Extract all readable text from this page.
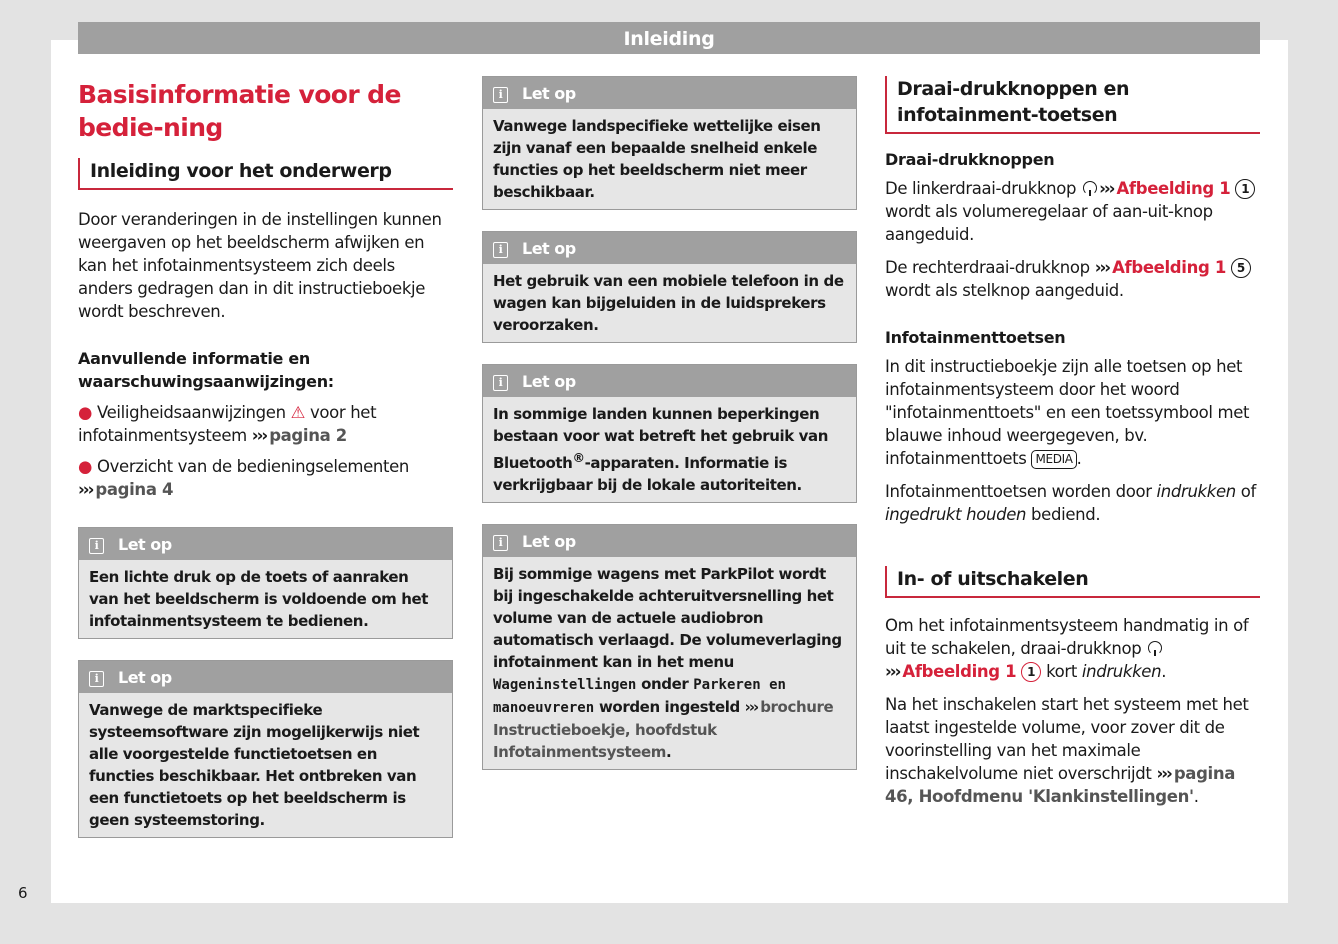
Inleiding
Basisinformatie voor de bedie-ning
Inleiding voor het onderwerp

Door veranderingen in de instellingen kunnen weergaven op het beeldscherm afwijken en kan het infotainmentsysteem zich deels anders gedragen dan in dit instructieboekje wordt beschreven.

Aanvullende informatie en waarschuwingsaanwijzingen:
● Veiligheidsaanwijzingen ⚠ voor het infotainmentsysteem ››› pagina 2
● Overzicht van de bedieningselementen ››› pagina 4
i Let op
Een lichte druk op de toets of aanraken van het beeldscherm is voldoende om het infotainmentsysteem te bedienen.
i Let op
Vanwege de marktspecifieke systeemsoftware zijn mogelijkerwijs niet alle voorgestelde functietoetsen en functies beschikbaar. Het ontbreken van een functietoets op het beeldscherm is geen systeemstoring.
i Let op
Vanwege landspecifieke wettelijke eisen zijn vanaf een bepaalde snelheid enkele functies op het beeldscherm niet meer beschikbaar.
i Let op
Het gebruik van een mobiele telefoon in de wagen kan bijgeluiden in de luidsprekers veroorzaken.
i Let op
In sommige landen kunnen beperkingen bestaan voor wat betreft het gebruik van Bluetooth®-apparaten. Informatie is verkrijgbaar bij de lokale autoriteiten.
i Let op
Bij sommige wagens met ParkPilot wordt bij ingeschakelde achteruitversnelling het volume van de actuele audiobron automatisch verlaagd. De volumeverlaging infotainment kan in het menu Wageninstellingen onder Parkeren en manoeuvreren worden ingesteld ››› brochure Instructieboekje, hoofdstuk Infotainmentsysteem.
Draai-drukknoppen en infotainment-toetsen
Draai-drukknoppen

De linkerdraai-drukknop ››› Afbeelding 1 1 wordt als volumeregelaar of aan-uit-knop aangeduid.

De rechterdraai-drukknop ››› Afbeelding 1 5 wordt als stelknop aangeduid.

Infotainmenttoetsen

In dit instructieboekje zijn alle toetsen op het infotainmentsysteem door het woord "infotainmenttoets" en een toetssymbool met blauwe inhoud weergegeven, bv. infotainmenttoets MEDIA .

Infotainmenttoetsen worden door indrukken of ingedrukt houden bediend.

In- of uitschakelen

Om het infotainmentsysteem handmatig in of uit te schakelen, draai-drukknop ››› Afbeelding 1 1 kort indrukken.

Na het inschakelen start het systeem met het laatst ingestelde volume, voor zover dit de voorinstelling van het maximale inschakelvolume niet overschrijdt ››› pagina 46, Hoofdmenu 'Klankinstellingen'.

6
